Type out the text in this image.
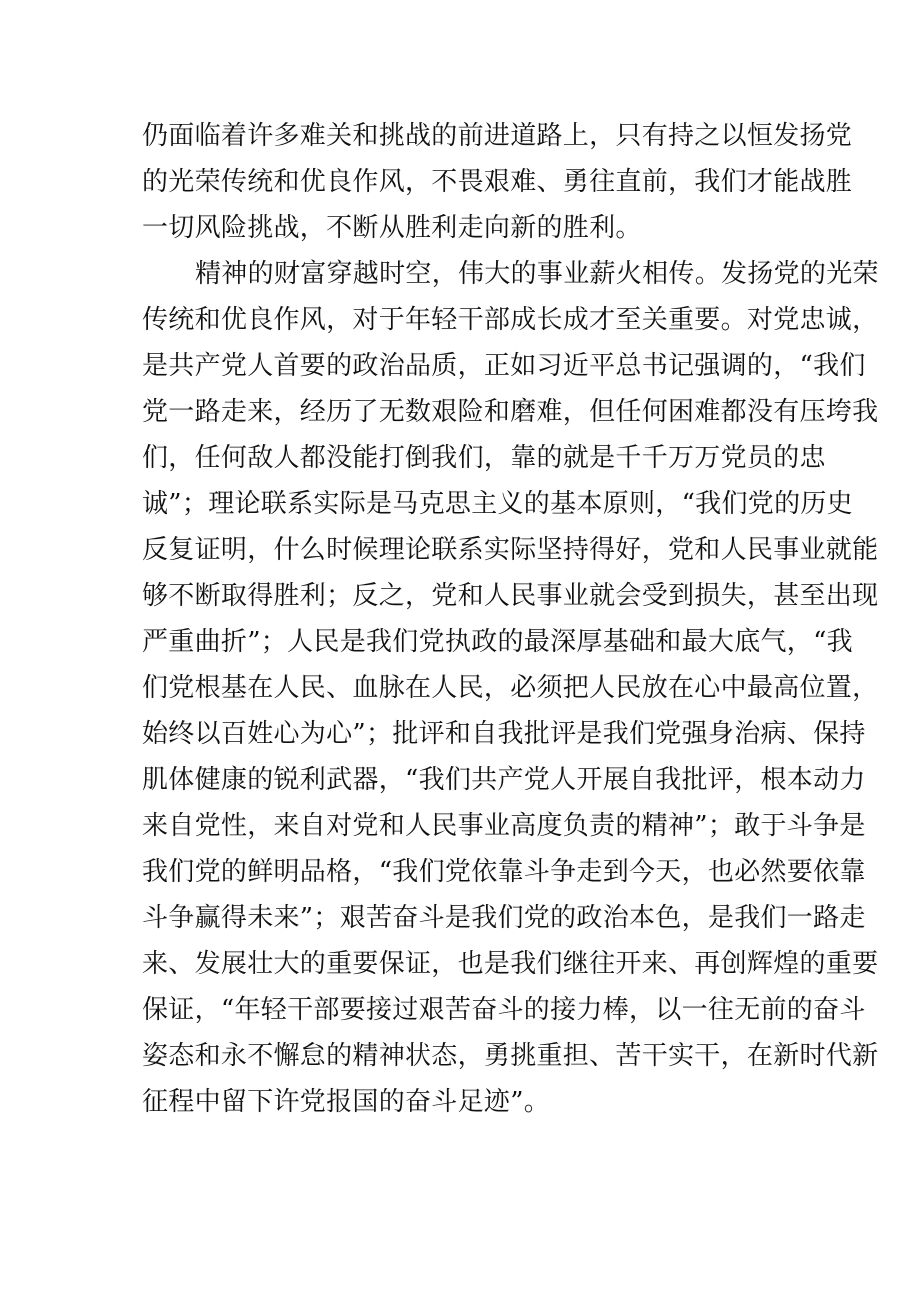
仍面临着许多难关和挑战的前进道路上，只有持之以恒发扬党
的光荣传统和优良作风，不畏艰难、勇往直前，我们才能战胜
一切风险挑战，不断从胜利走向新的胜利。
精神的财富穿越时空，伟大的事业薪火相传。发扬党的光荣
传统和优良作风，对于年轻干部成长成才至关重要。对党忠诚，
是共产党人首要的政治品质，正如习近平总书记强调的，“我们
党一路走来，经历了无数艰险和磨难，但任何困难都没有压垮我
们，任何敌人都没能打倒我们，靠的就是千千万万党员的忠
诚”；理论联系实际是马克思主义的基本原则，“我们党的历史
反复证明，什么时候理论联系实际坚持得好，党和人民事业就能
够不断取得胜利；反之，党和人民事业就会受到损失，甚至出现
严重曲折”；人民是我们党执政的最深厚基础和最大底气，“我
们党根基在人民、血脉在人民，必须把人民放在心中最高位置，
始终以百姓心为心”；批评和自我批评是我们党强身治病、保持
肌体健康的锐利武器，“我们共产党人开展自我批评，根本动力
来自党性，来自对党和人民事业高度负责的精神”；敢于斗争是
我们党的鲜明品格，“我们党依靠斗争走到今天，也必然要依靠
斗争赢得未来”；艰苦奋斗是我们党的政治本色，是我们一路走
来、发展壮大的重要保证，也是我们继往开来、再创辉煌的重要
保证，“年轻干部要接过艰苦奋斗的接力棒，以一往无前的奋斗
姿态和永不懈怠的精神状态，勇挑重担、苦干实干，在新时代新
征程中留下许党报国的奋斗足迹”。
